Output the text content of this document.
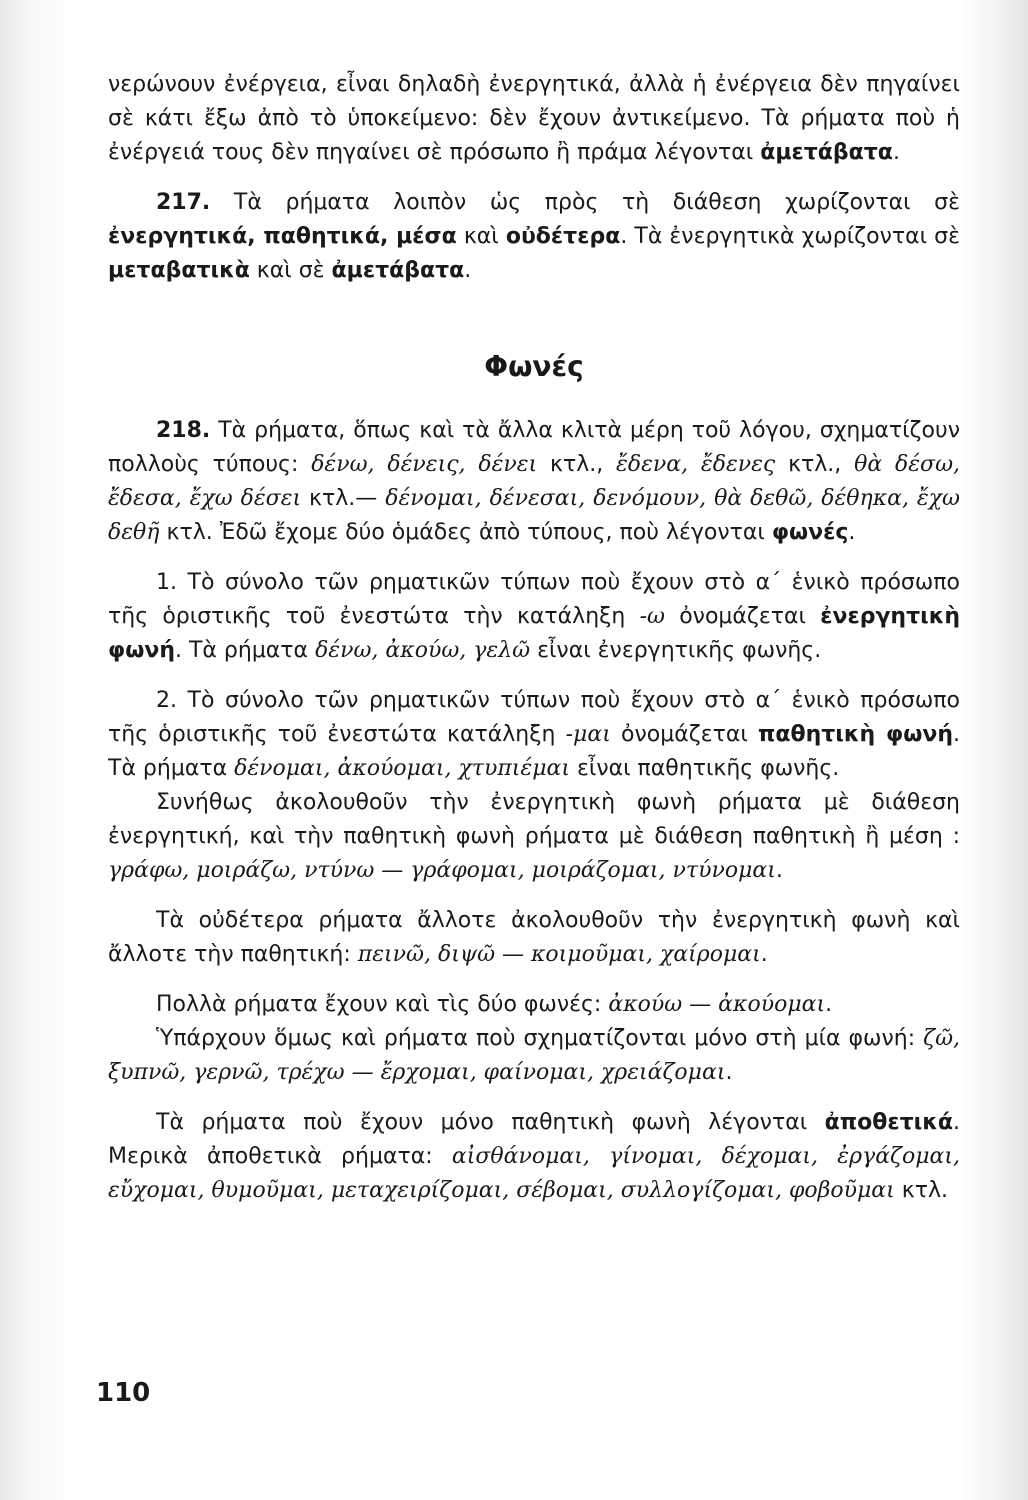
νερώνουν ἐνέργεια, εἶναι δηλαδὴ ἐνεργητικά, ἀλλὰ ἡ ἐνέργεια δὲν πηγαίνει σὲ κάτι ἔξω ἀπὸ τὸ ὑποκείμενο: δὲν ἔχουν ἀντικείμενο. Τὰ ρήματα ποὺ ἡ ἐνέργειά τους δὲν πηγαίνει σὲ πρόσωπο ἢ πράμα λέγονται ἀμετάβατα.

217. Τὰ ρήματα λοιπὸν ὡς πρὸς τὴ διάθεση χωρίζονται σὲ ἐνεργητικά, παθητικά, μέσα καὶ οὐδέτερα. Τὰ ἐνεργητικὰ χωρίζονται σὲ μεταβατικὰ καὶ σὲ ἀμετάβατα.

Φωνές

218. Τὰ ρήματα, ὅπως καὶ τὰ ἄλλα κλιτὰ μέρη τοῦ λόγου, σχηματίζουν πολλοὺς τύπους: δένω, δένεις, δένει κτλ., ἔδενα, ἔδενες κτλ., θὰ δέσω, ἔδεσα, ἔχω δέσει κτλ.— δένομαι, δένεσαι, δενόμουν, θὰ δεθῶ, δέθηκα, ἔχω δεθῆ κτλ. Ἐδῶ ἔχομε δύο ὁμάδες ἀπὸ τύπους, ποὺ λέγονται φωνές.

1. Τὸ σύνολο τῶν ρηματικῶν τύπων ποὺ ἔχουν στὸ α΄ ἑνικὸ πρόσωπο τῆς ὁριστικῆς τοῦ ἐνεστώτα τὴν κατάληξη -ω ὀνομάζεται ἐνεργητικὴ φωνή. Τὰ ρήματα δένω, ἀκούω, γελῶ εἶναι ἐνεργητικῆς φωνῆς.

2. Τὸ σύνολο τῶν ρηματικῶν τύπων ποὺ ἔχουν στὸ α΄ ἑνικὸ πρόσωπο τῆς ὁριστικῆς τοῦ ἐνεστώτα κατάληξη -μαι ὀνομάζεται παθητικὴ φωνή. Τὰ ρήματα δένομαι, ἀκούομαι, χτυπιέμαι εἶναι παθητικῆς φωνῆς.

Συνήθως ἀκολουθοῦν τὴν ἐνεργητικὴ φωνὴ ρήματα μὲ διάθεση ἐνεργητική, καὶ τὴν παθητικὴ φωνὴ ρήματα μὲ διάθεση παθητικὴ ἢ μέση : γράφω, μοιράζω, ντύνω — γράφομαι, μοιράζομαι, ντύνομαι.

Τὰ οὐδέτερα ρήματα ἄλλοτε ἀκολουθοῦν τὴν ἐνεργητικὴ φωνὴ καὶ ἄλλοτε τὴν παθητική: πεινῶ, διψῶ — κοιμοῦμαι, χαίρομαι.

Πολλὰ ρήματα ἔχουν καὶ τὶς δύο φωνές: ἀκούω — ἀκούομαι.

Ὑπάρχουν ὅμως καὶ ρήματα ποὺ σχηματίζονται μόνο στὴ μία φωνή: ζῶ, ξυπνῶ, γερνῶ, τρέχω — ἔρχομαι, φαίνομαι, χρειάζομαι.

Τὰ ρήματα ποὺ ἔχουν μόνο παθητικὴ φωνὴ λέγονται ἀποθετικά. Μερικὰ ἀποθετικὰ ρήματα: αἰσθάνομαι, γίνομαι, δέχομαι, ἐργάζομαι, εὔχομαι, θυμοῦμαι, μεταχειρίζομαι, σέβομαι, συλλογίζομαι, φοβοῦμαι κτλ.

110
